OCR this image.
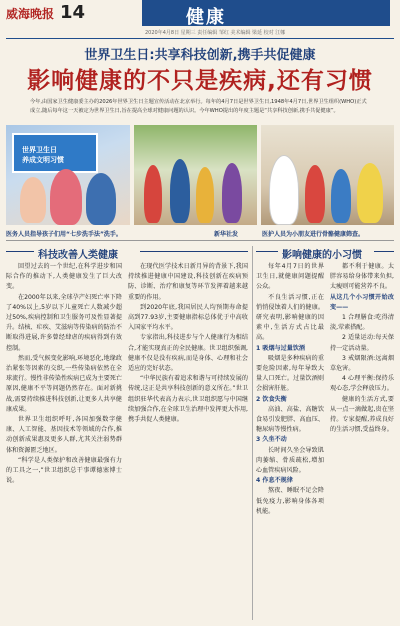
威海晚报 14	健康
2020年4月8日 星期三 责任编辑 邹红 美术编辑 梁延 校对 江娜
世界卫生日:共享科技创新,携手共促健康
影响健康的不只是疾病,还有习惯
今年,由国家卫生健康委主办的2026年世界卫生日主题宣传活动在北京举行。每年的4月7日是世界卫生日,1948年4月7日,世界卫生组织(WHO)正式成立,随后每年这一天被定为世界卫生日,旨在提高全球对健康问题的认识。今年WHO提出的年度主题是“共享科技创新,携手共促健康”。
世界卫生日
养成文明习惯
医务人员指导孩子们用“七步洗手法”洗手。	新华社发	医护人员为小朋友进行骨骼健康筛查。
科技改善人类健康	影响健康的小习惯

回望过去的一个世纪,在科学进步和国际合作的推动下,人类健康发生了巨大改变。

在2000年以来,全球孕产妇死亡率下降了40%以上,5岁以下儿童死亡人数减少超过50%,疾病控制和卫生服务可及性显著提升。结核、疟疾、艾滋病等传染病的防治不断取得进展,许多曾经肆虐的疾病得到有效控制。

然而,受气候变化影响,环境恶化,地缘政治紧张等因素的交织,一些传染病依然在全球流行。慢性非传染性疾病已成为主要死亡原因,健康不平等问题仍然存在。面对新挑战,需要持续推进科技创新,让更多人共享健康成果。

世界卫生组织呼吁,各国加强数字健康、人工智能、基因技术等领域的合作,推动创新成果惠及更多人群,尤其关注弱势群体和资源匮乏地区。

“科学是人类保护和改善健康最强有力的工具之一,”世卫组织总干事谭德塞博士说。

在现代医学技术日新月异的背景下,我国持续推进健康中国建设,科技创新在疾病预防、诊断、治疗和康复等环节发挥着越来越重要的作用。

到2020年底,我国居民人均预期寿命提高到77.93岁,主要健康指标总体优于中高收入国家平均水平。

专家指出,科技进步与个人健康行为相结合,才能实现真正的全民健康。世卫组织强调,健康不仅是没有疾病,而是身体、心理和社会适应的完好状态。

“中华民族有着追求和谐与可持续发展的传统,这正是共享科技创新的意义所在。”世卫组织驻华代表高力表示,世卫组织愿与中国继续加强合作,在全球卫生治理中发挥更大作用,携手共促人类健康。

每年4月7日的世界卫生日,就健康问题提醒公众。

不良生活习惯,正在悄悄侵蚀着人们的健康。研究表明,影响健康的因素中,生活方式占比最高。

1 吸烟与过量饮酒

吸烟是多种疾病的重要危险因素,每年导致大量人口死亡。过量饮酒则会损害肝脏。

2 饮食失衡

高油、高盐、高糖饮食易引发肥胖、高血压、糖尿病等慢性病。

3 久坐不动

长时间久坐会导致肌肉萎缩、骨质疏松,增加心血管疾病风险。

4 作息不规律

熬夜、睡眠不足会降低免疫力,影响身体各项机能。

都不利于健康。太胖容易给身体带来负担,太瘦则可能营养不良。

从这几个小习惯开始改变——

1 合理膳食:吃得清淡,荤素搭配。

2 适量运动:每天保持一定活动量。

3 戒烟限酒:远离烟草危害。

4 心理平衡:保持乐观心态,学会释放压力。

健康的生活方式,要从一点一滴做起,贵在坚持。专家提醒,养成良好的生活习惯,受益终身。
